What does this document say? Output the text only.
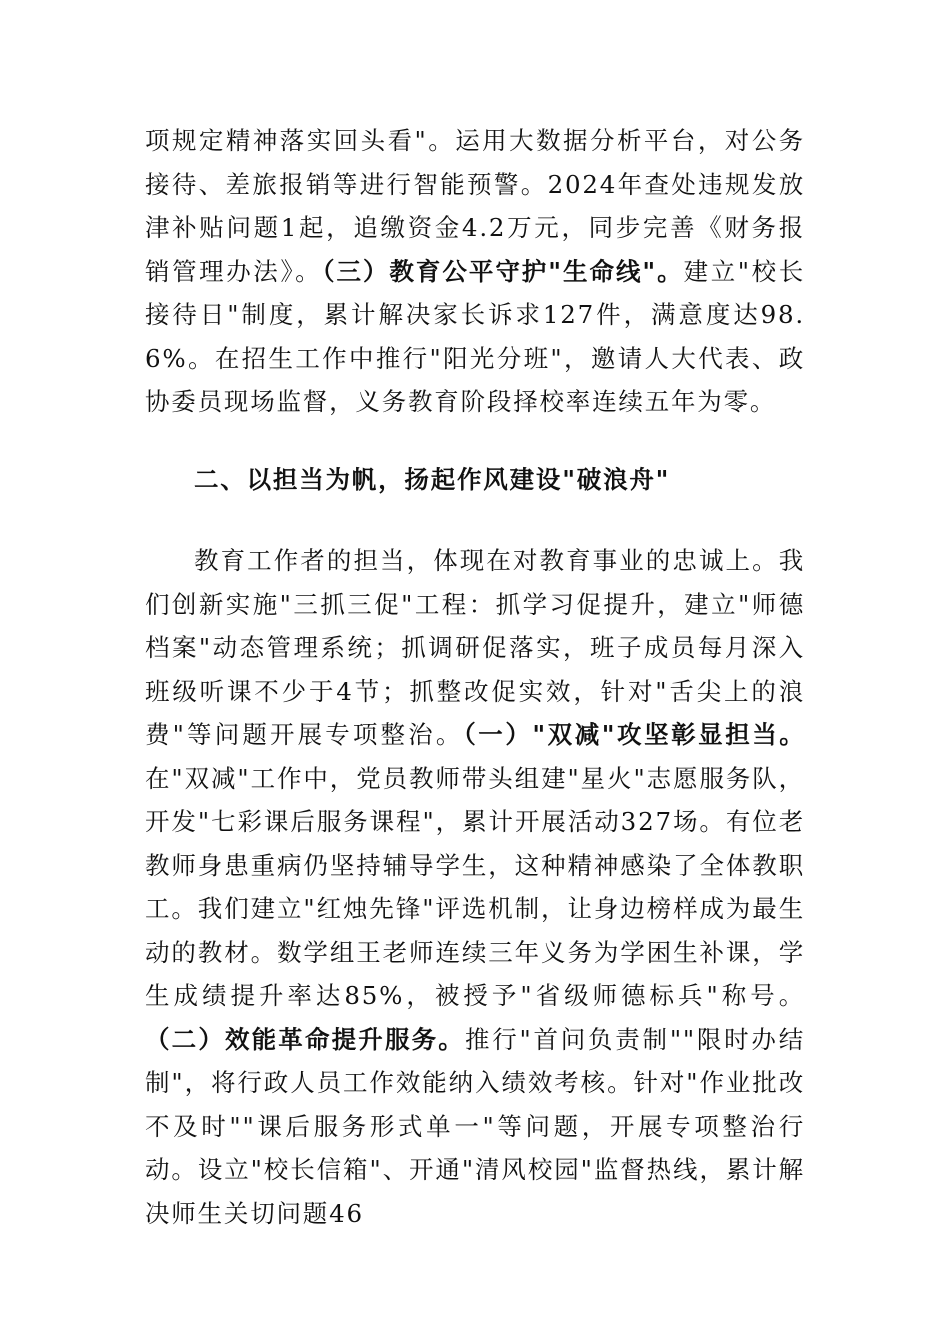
项规定精神落实回头看"。运用大数据分析平台，对公务接待、差旅报销等进行智能预警。2024年查处违规发放津补贴问题1起，追缴资金4.2万元，同步完善《财务报销管理办法》。（三）教育公平守护"生命线"。建立"校长接待日"制度，累计解决家长诉求127件，满意度达98.6%。在招生工作中推行"阳光分班"，邀请人大代表、政协委员现场监督，义务教育阶段择校率连续五年为零。

二、以担当为帆，扬起作风建设"破浪舟"

教育工作者的担当，体现在对教育事业的忠诚上。我们创新实施"三抓三促"工程：抓学习促提升，建立"师德档案"动态管理系统；抓调研促落实，班子成员每月深入班级听课不少于4节；抓整改促实效，针对"舌尖上的浪费"等问题开展专项整治。（一）"双减"攻坚彰显担当。在"双减"工作中，党员教师带头组建"星火"志愿服务队，开发"七彩课后服务课程"，累计开展活动327场。有位老教师身患重病仍坚持辅导学生，这种精神感染了全体教职工。我们建立"红烛先锋"评选机制，让身边榜样成为最生动的教材。数学组王老师连续三年义务为学困生补课，学生成绩提升率达85%，被授予"省级师德标兵"称号。（二）效能革命提升服务。推行"首问负责制""限时办结制"，将行政人员工作效能纳入绩效考核。针对"作业批改不及时""课后服务形式单一"等问题，开展专项整治行动。设立"校长信箱"、开通"清风校园"监督热线，累计解决师生关切问题46
